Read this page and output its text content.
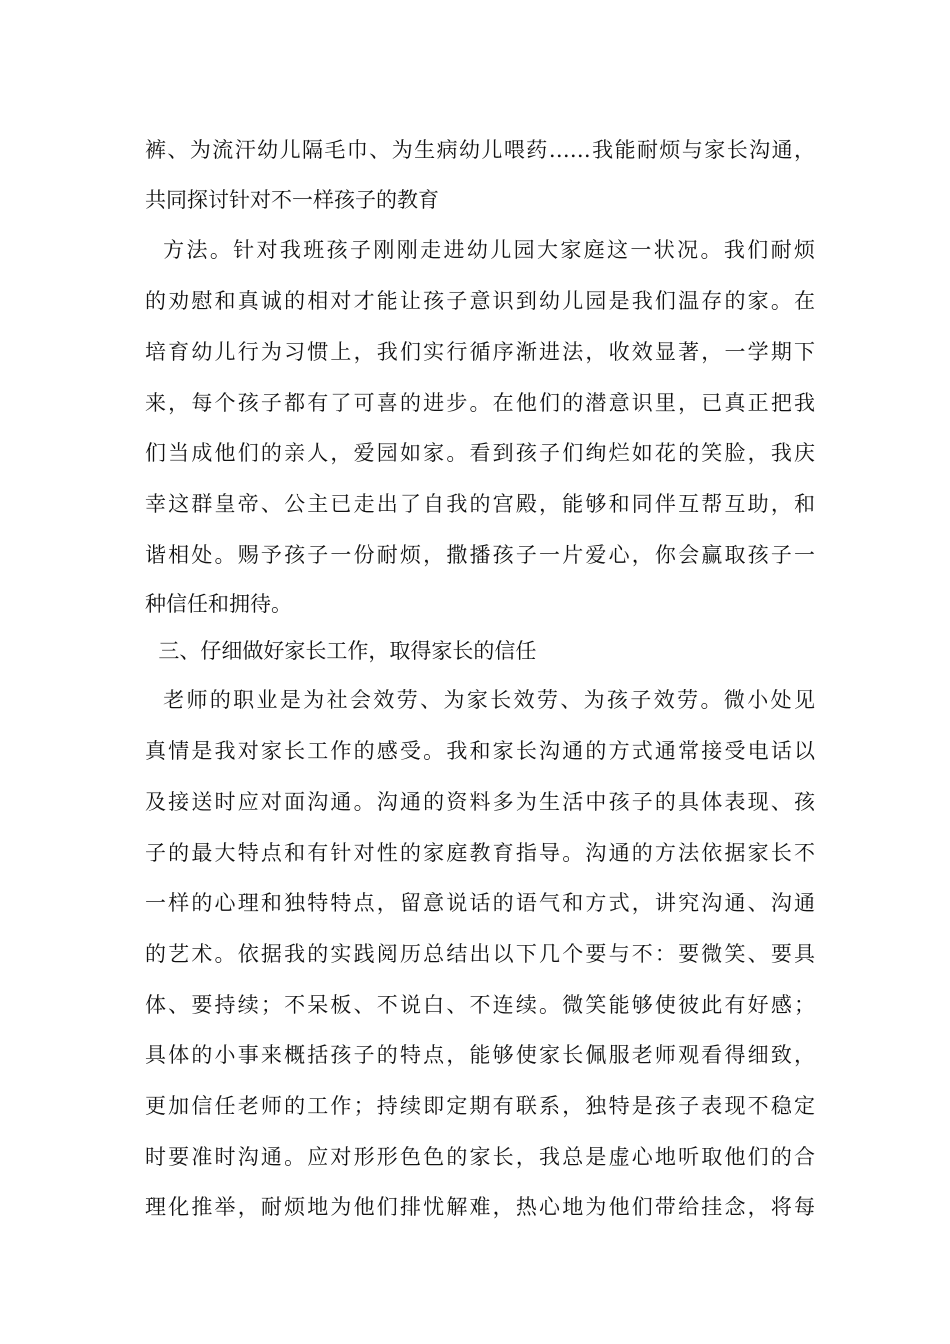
裤、为流汗幼儿隔毛巾、为生病幼儿喂药……我能耐烦与家长沟通，
共同探讨针对不一样孩子的教育
方法。针对我班孩子刚刚走进幼儿园大家庭这一状况。我们耐烦
的劝慰和真诚的相对才能让孩子意识到幼儿园是我们温存的家。在
培育幼儿行为习惯上，我们实行循序渐进法，收效显著，一学期下
来，每个孩子都有了可喜的进步。在他们的潜意识里，已真正把我
们当成他们的亲人，爱园如家。看到孩子们绚烂如花的笑脸，我庆
幸这群皇帝、公主已走出了自我的宫殿，能够和同伴互帮互助，和
谐相处。赐予孩子一份耐烦，撒播孩子一片爱心，你会赢取孩子一
种信任和拥待。
三、仔细做好家长工作，取得家长的信任
老师的职业是为社会效劳、为家长效劳、为孩子效劳。微小处见
真情是我对家长工作的感受。我和家长沟通的方式通常接受电话以
及接送时应对面沟通。沟通的资料多为生活中孩子的具体表现、孩
子的最大特点和有针对性的家庭教育指导。沟通的方法依据家长不
一样的心理和独特特点，留意说话的语气和方式，讲究沟通、沟通
的艺术。依据我的实践阅历总结出以下几个要与不：要微笑、要具
体、要持续；不呆板、不说白、不连续。微笑能够使彼此有好感；
具体的小事来概括孩子的特点，能够使家长佩服老师观看得细致，
更加信任老师的工作；持续即定期有联系，独特是孩子表现不稳定
时要准时沟通。应对形形色色的家长，我总是虚心地听取他们的合
理化推举，耐烦地为他们排忧解难，热心地为他们带给挂念，将每
